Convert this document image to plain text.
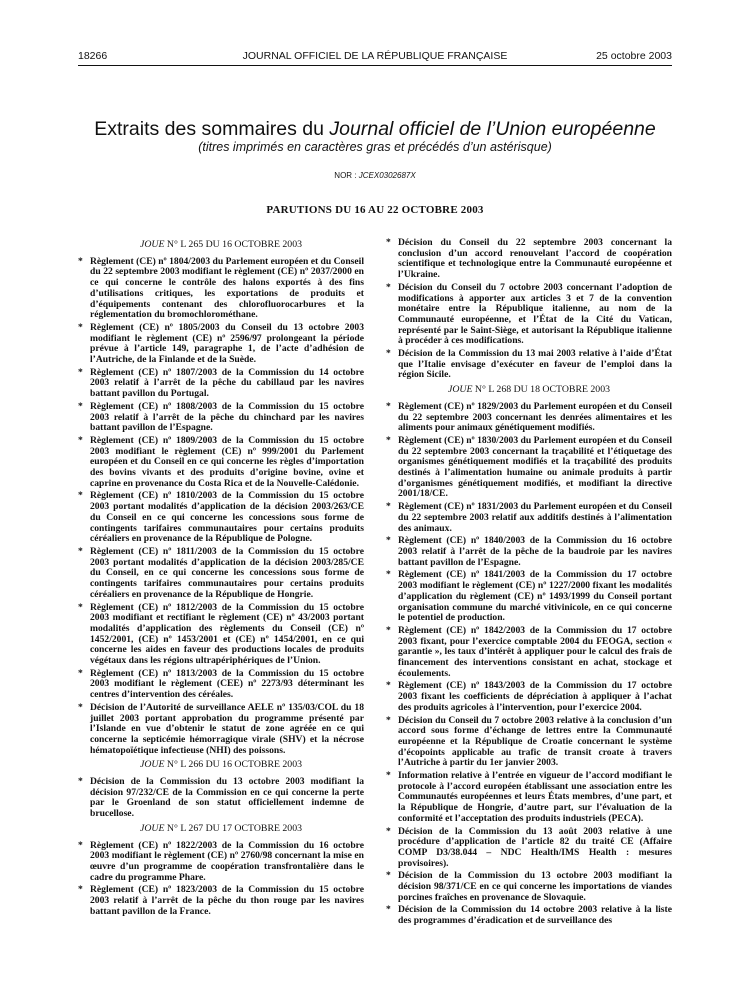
18266	JOURNAL OFFICIEL DE LA RÉPUBLIQUE FRANÇAISE	25 octobre 2003
Extraits des sommaires du Journal officiel de l’Union européenne
(titres imprimés en caractères gras et précédés d’un astérisque)
NOR : JCEX0302687X
PARUTIONS DU 16 AU 22 OCTOBRE 2003
JOUE N° L 265 DU 16 OCTOBRE 2003
* Règlement (CE) nº 1804/2003 du Parlement européen et du Conseil du 22 septembre 2003 modifiant le règlement (CE) nº 2037/2000 en ce qui concerne le contrôle des halons exportés à des fins d’utilisations critiques, les exportations de produits et d’équipements contenant des chlorofluorocarbures et la réglementation du bromochlorométhane.
* Règlement (CE) nº 1805/2003 du Conseil du 13 octobre 2003 modifiant le règlement (CE) nº 2596/97 prolongeant la période prévue à l’article 149, paragraphe 1, de l’acte d’adhésion de l’Autriche, de la Finlande et de la Suède.
* Règlement (CE) nº 1807/2003 de la Commission du 14 octobre 2003 relatif à l’arrêt de la pêche du cabillaud par les navires battant pavillon du Portugal.
* Règlement (CE) nº 1808/2003 de la Commission du 15 octobre 2003 relatif à l’arrêt de la pêche du chinchard par les navires battant pavillon de l’Espagne.
* Règlement (CE) nº 1809/2003 de la Commission du 15 octobre 2003 modifiant le règlement (CE) nº 999/2001 du Parlement européen et du Conseil en ce qui concerne les règles d’importation des bovins vivants et des produits d’origine bovine, ovine et caprine en provenance du Costa Rica et de la Nouvelle-Calédonie.
* Règlement (CE) nº 1810/2003 de la Commission du 15 octobre 2003 portant modalités d’application de la décision 2003/263/CE du Conseil en ce qui concerne les concessions sous forme de contingents tarifaires communautaires pour certains produits céréaliers en provenance de la République de Pologne.
* Règlement (CE) nº 1811/2003 de la Commission du 15 octobre 2003 portant modalités d’application de la décision 2003/285/CE du Conseil, en ce qui concerne les concessions sous forme de contingents tarifaires communautaires pour certains produits céréaliers en provenance de la République de Hongrie.
* Règlement (CE) nº 1812/2003 de la Commission du 15 octobre 2003 modifiant et rectifiant le règlement (CE) nº 43/2003 portant modalités d’application des règlements du Conseil (CE) nº 1452/2001, (CE) nº 1453/2001 et (CE) nº 1454/2001, en ce qui concerne les aides en faveur des productions locales de produits végétaux dans les régions ultrapériphériques de l’Union.
* Règlement (CE) nº 1813/2003 de la Commission du 15 octobre 2003 modifiant le règlement (CEE) nº 2273/93 déterminant les centres d’intervention des céréales.
* Décision de l’Autorité de surveillance AELE nº 135/03/COL du 18 juillet 2003 portant approbation du programme présenté par l’Islande en vue d’obtenir le statut de zone agréée en ce qui concerne la septicémie hémorragique virale (SHV) et la nécrose hématopoïétique infectieuse (NHI) des poissons.
JOUE N° L 266 DU 16 OCTOBRE 2003
* Décision de la Commission du 13 octobre 2003 modifiant la décision 97/232/CE de la Commission en ce qui concerne la perte par le Groenland de son statut officiellement indemne de brucellose.
JOUE N° L 267 DU 17 OCTOBRE 2003
* Règlement (CE) nº 1822/2003 de la Commission du 16 octobre 2003 modifiant le règlement (CE) nº 2760/98 concernant la mise en œuvre d’un programme de coopération transfrontalière dans le cadre du programme Phare.
* Règlement (CE) nº 1823/2003 de la Commission du 15 octobre 2003 relatif à l’arrêt de la pêche du thon rouge par les navires battant pavillon de la France.
* Décision du Conseil du 22 septembre 2003 concernant la conclusion d’un accord renouvelant l’accord de coopération scientifique et technologique entre la Communauté européenne et l’Ukraine.
* Décision du Conseil du 7 octobre 2003 concernant l’adoption de modifications à apporter aux articles 3 et 7 de la convention monétaire entre la République italienne, au nom de la Communauté européenne, et l’État de la Cité du Vatican, représenté par le Saint-Siège, et autorisant la République italienne à procéder à ces modifications.
* Décision de la Commission du 13 mai 2003 relative à l’aide d’État que l’Italie envisage d’exécuter en faveur de l’emploi dans la région Sicile.
JOUE N° L 268 DU 18 OCTOBRE 2003
* Règlement (CE) nº 1829/2003 du Parlement européen et du Conseil du 22 septembre 2003 concernant les denrées alimentaires et les aliments pour animaux génétiquement modifiés.
* Règlement (CE) nº 1830/2003 du Parlement européen et du Conseil du 22 septembre 2003 concernant la traçabilité et l’étiquetage des organismes génétiquement modifiés et la traçabilité des produits destinés à l’alimentation humaine ou animale produits à partir d’organismes génétiquement modifiés, et modifiant la directive 2001/18/CE.
* Règlement (CE) nº 1831/2003 du Parlement européen et du Conseil du 22 septembre 2003 relatif aux additifs destinés à l’alimentation des animaux.
* Règlement (CE) nº 1840/2003 de la Commission du 16 octobre 2003 relatif à l’arrêt de la pêche de la baudroie par les navires battant pavillon de l’Espagne.
* Règlement (CE) nº 1841/2003 de la Commission du 17 octobre 2003 modifiant le règlement (CE) nº 1227/2000 fixant les modalités d’application du règlement (CE) nº 1493/1999 du Conseil portant organisation commune du marché vitivinicole, en ce qui concerne le potentiel de production.
* Règlement (CE) nº 1842/2003 de la Commission du 17 octobre 2003 fixant, pour l’exercice comptable 2004 du FEOGA, section « garantie », les taux d’intérêt à appliquer pour le calcul des frais de financement des interventions consistant en achat, stockage et écoulements.
* Règlement (CE) nº 1843/2003 de la Commission du 17 octobre 2003 fixant les coefficients de dépréciation à appliquer à l’achat des produits agricoles à l’intervention, pour l’exercice 2004.
* Décision du Conseil du 7 octobre 2003 relative à la conclusion d’un accord sous forme d’échange de lettres entre la Communauté européenne et la République de Croatie concernant le système d’écopoints applicable au trafic de transit croate à travers l’Autriche à partir du 1er janvier 2003.
* Information relative à l’entrée en vigueur de l’accord modifiant le protocole à l’accord européen établissant une association entre les Communautés européennes et leurs États membres, d’une part, et la République de Hongrie, d’autre part, sur l’évaluation de la conformité et l’acceptation des produits industriels (PECA).
* Décision de la Commission du 13 août 2003 relative à une procédure d’application de l’article 82 du traité CE (Affaire COMP D3/38.044 – NDC Health/IMS Health : mesures provisoires).
* Décision de la Commission du 13 octobre 2003 modifiant la décision 98/371/CE en ce qui concerne les importations de viandes porcines fraîches en provenance de Slovaquie.
* Décision de la Commission du 14 octobre 2003 relative à la liste des programmes d’éradication et de surveillance des
